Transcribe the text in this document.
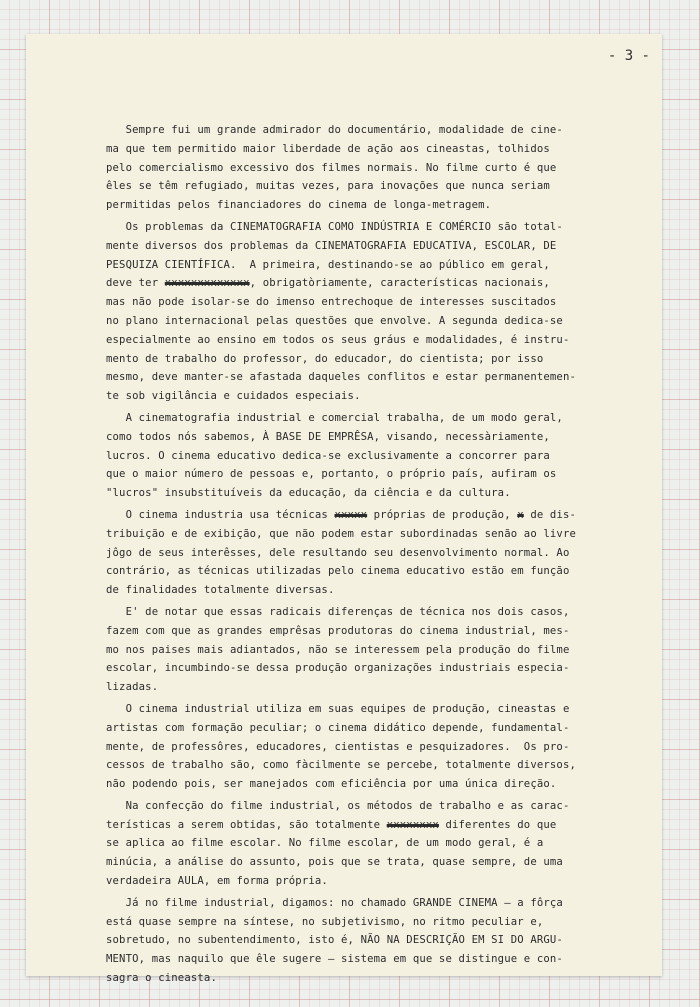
- 3 -
Sempre fui um grande admirador do documentário, modalidade de cine-
ma que tem permitido maior liberdade de ação aos cineastas, tolhidos
pelo comercialismo excessivo dos filmes normais. No filme curto é que
êles se têm refugiado, muitas vezes, para inovações que nunca seriam
permitidas pelos financiadores do cinema de longa-metragem.
Os problemas da CINEMATOGRAFIA COMO INDÚSTRIA E COMÉRCIO são total-
mente diversos dos problemas da CINEMATOGRAFIA EDUCATIVA, ESCOLAR, DE
PESQUIZA CIENTÍFICA.  A primeira, destinando-se ao público em geral,
deve ter xxxxxxxxxxxxx, obrigatòriamente, características nacionais,
mas não pode isolar-se do imenso entrechoque de interesses suscitados
no plano internacional pelas questões que envolve. A segunda dedica-se
especialmente ao ensino em todos os seus gráus e modalidades, é instru-
mento de trabalho do professor, do educador, do cientista; por isso
mesmo, deve manter-se afastada daqueles conflitos e estar permanentemen-
te sob vigilância e cuidados especiais.
A cinematografia industrial e comercial trabalha, de um modo geral,
como todos nós sabemos, À BASE DE EMPRÊSA, visando, necessàriamente,
lucros. O cinema educativo dedica-se exclusivamente a concorrer para
que o maior número de pessoas e, portanto, o próprio país, aufiram os
"lucros" insubstituíveis da educação, da ciência e da cultura.
O cinema industria usa técnicas xxxxx próprias de produção, x de dis-
tribuição e de exibição, que não podem estar subordinadas senão ao livre
jôgo de seus interêsses, dele resultando seu desenvolvimento normal. Ao
contrário, as técnicas utilizadas pelo cinema educativo estão em função
de finalidades totalmente diversas.
E' de notar que essas radicais diferenças de técnica nos dois casos,
fazem com que as grandes emprêsas produtoras do cinema industrial, mes-
mo nos paises mais adiantados, não se interessem pela produção do filme
escolar, incumbindo-se dessa produção organizações industriais especia-
lizadas.
O cinema industrial utiliza em suas equipes de produção, cineastas e
artistas com formação peculiar; o cinema didático depende, fundamental-
mente, de professôres, educadores, cientistas e pesquizadores.  Os pro-
cessos de trabalho são, como fàcilmente se percebe, totalmente diversos,
não podendo pois, ser manejados com eficiência por uma única direção.
Na confecção do filme industrial, os métodos de trabalho e as carac-
terísticas a serem obtidas, são totalmente xxxxxxxx diferentes do que
se aplica ao filme escolar. No filme escolar, de um modo geral, é a
minúcia, a análise do assunto, pois que se trata, quase sempre, de uma
verdadeira AULA, em forma própria.
Já no filme industrial, digamos: no chamado GRANDE CINEMA — a fôrça
está quase sempre na síntese, no subjetivismo, no ritmo peculiar e,
sobretudo, no subentendimento, isto é, NÃO NA DESCRIÇÃO EM SI DO ARGU-
MENTO, mas naquilo que êle sugere — sistema em que se distingue e con-
sagra o cineasta.
